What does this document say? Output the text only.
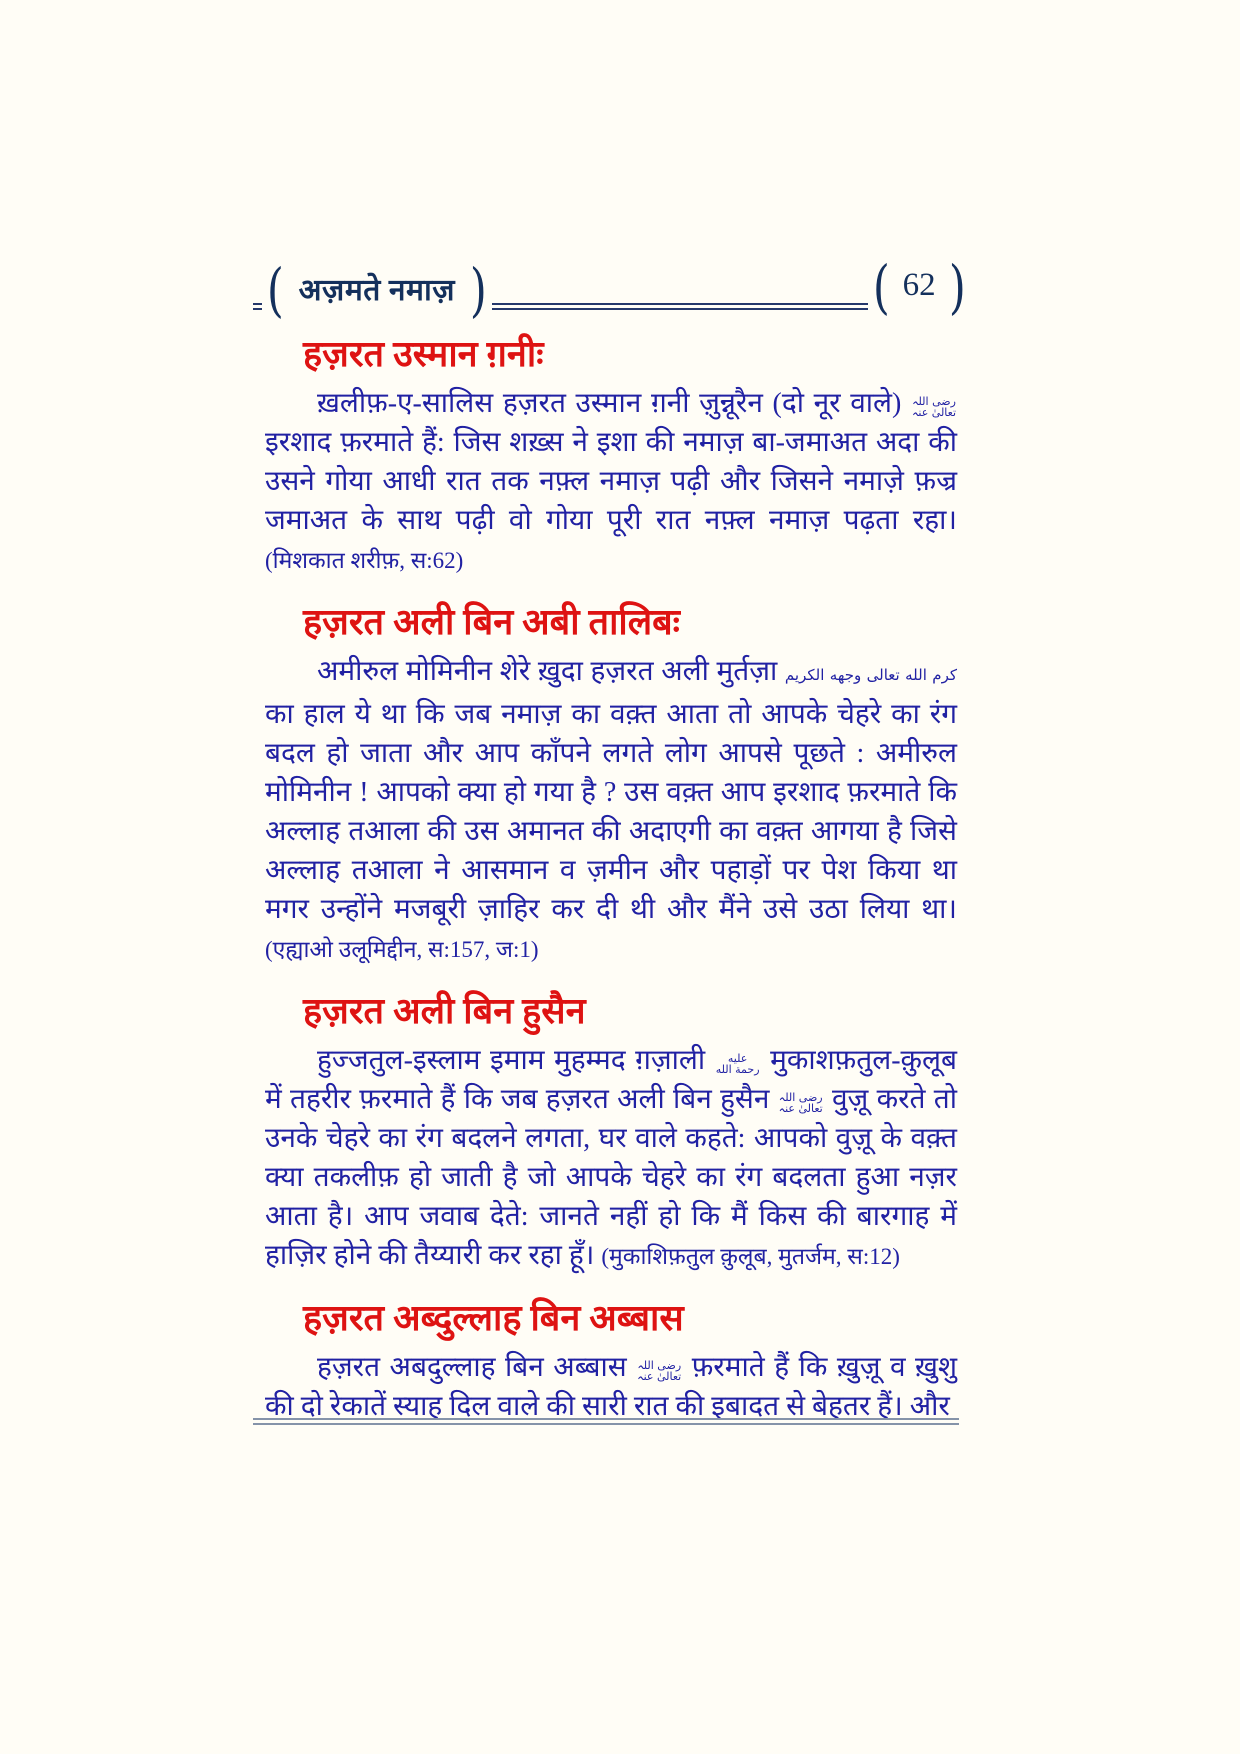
( अज़मते नमाज़ )	( 62 )
हज़रत उस्मान ग़नीः

ख़लीफ़-ए-सालिस हज़रत उस्मान ग़नी ज़ुन्नूरैन (दो नूर वाले) رضی اللہ تعالیٰ عنہ इरशाद फ़रमाते हैं: जिस शख़्स ने इशा की नमाज़ बा-जमाअत अदा की उसने गोया आधी रात तक नफ़्ल नमाज़ पढ़ी और जिसने नमाज़े फ़ज्र जमाअत के साथ पढ़ी वो गोया पूरी रात नफ़्ल नमाज़ पढ़ता रहा। (मिशकात शरीफ़, स:62)

हज़रत अली बिन अबी तालिबः

अमीरुल मोमिनीन शेरे ख़ुदा हज़रत अली मुर्तज़ा كرم الله تعالى وجهه الكريم का हाल ये था कि जब नमाज़ का वक़्त आता तो आपके चेहरे का रंग बदल हो जाता और आप काँपने लगते लोग आपसे पूछते : अमीरुल मोमिनीन ! आपको क्या हो गया है ? उस वक़्त आप इरशाद फ़रमाते कि अल्लाह तआला की उस अमानत की अदाएगी का वक़्त आगया है जिसे अल्लाह तआला ने आसमान व ज़मीन और पहाड़ों पर पेश किया था मगर उन्होंने मजबूरी ज़ाहिर कर दी थी और मैंने उसे उठा लिया था। (एह्याओ उलूमिद्दीन, स:157, ज:1)

हज़रत अली बिन हुसैन

हुज्जतुल-इस्लाम इमाम मुहम्मद ग़ज़ाली عليه رحمة الله मुकाशफ़तुल-क़ुलूब में तहरीर फ़रमाते हैं कि जब हज़रत अली बिन हुसैन رضی اللہ تعالیٰ عنہ वुज़ू करते तो उनके चेहरे का रंग बदलने लगता, घर वाले कहते: आपको वुज़ू के वक़्त क्या तकलीफ़ हो जाती है जो आपके चेहरे का रंग बदलता हुआ नज़र आता है। आप जवाब देते: जानते नहीं हो कि मैं किस की बारगाह में हाज़िर होने की तैय्यारी कर रहा हूँ। (मुकाशिफ़तुल क़ुलूब, मुतर्जम, स:12)

हज़रत अब्दुल्लाह बिन अब्बास

हज़रत अबदुल्लाह बिन अब्बास رضی اللہ تعالیٰ عنہ फ़रमाते हैं कि ख़ुज़ू व ख़ुशु की दो रेकातें स्याह दिल वाले की सारी रात की इबादत से बेहतर हैं। और
